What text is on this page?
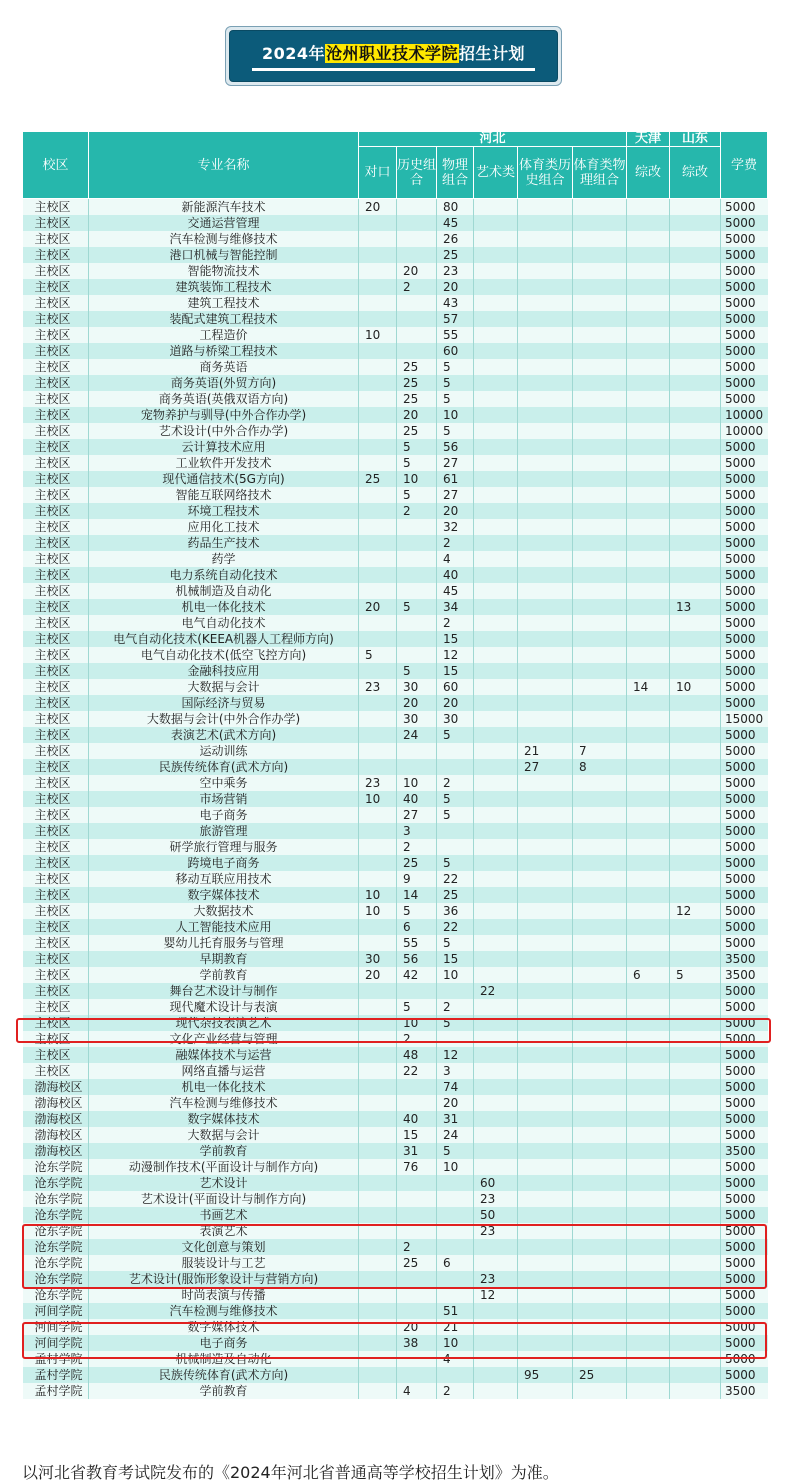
2024年沧州职业技术学院招生计划
校区	专业名称	河北						天津	山东	学费
		对口	历史组合	物理组合	艺术类	体育类历史组合	体育类物理组合	综改	综改	
主校区	新能源汽车技术	20		80						5000
主校区	交通运营管理			45						5000
主校区	汽车检测与维修技术			26						5000
主校区	港口机械与智能控制			25						5000
主校区	智能物流技术		20	23						5000
主校区	建筑装饰工程技术		2	20						5000
主校区	建筑工程技术			43						5000
主校区	装配式建筑工程技术			57						5000
主校区	工程造价	10		55						5000
主校区	道路与桥梁工程技术			60						5000
主校区	商务英语		25	5						5000
主校区	商务英语(外贸方向)		25	5						5000
主校区	商务英语(英俄双语方向)		25	5						5000
主校区	宠物养护与驯导(中外合作办学)		20	10						10000
主校区	艺术设计(中外合作办学)		25	5						10000
主校区	云计算技术应用		5	56						5000
主校区	工业软件开发技术		5	27						5000
主校区	现代通信技术(5G方向)	25	10	61						5000
主校区	智能互联网络技术		5	27						5000
主校区	环境工程技术		2	20						5000
主校区	应用化工技术			32						5000
主校区	药品生产技术			2						5000
主校区	药学			4						5000
主校区	电力系统自动化技术			40						5000
主校区	机械制造及自动化			45						5000
主校区	机电一体化技术	20	5	34					13	5000
主校区	电气自动化技术			2						5000
主校区	电气自动化技术(KEEA机器人工程师方向)			15						5000
主校区	电气自动化技术(低空飞控方向)	5		12						5000
主校区	金融科技应用		5	15						5000
主校区	大数据与会计	23	30	60				14	10	5000
主校区	国际经济与贸易		20	20						5000
主校区	大数据与会计(中外合作办学)		30	30						15000
主校区	表演艺术(武术方向)		24	5						5000
主校区	运动训练					21	7			5000
主校区	民族传统体育(武术方向)					27	8			5000
主校区	空中乘务	23	10	2						5000
主校区	市场营销	10	40	5						5000
主校区	电子商务		27	5						5000
主校区	旅游管理		3							5000
主校区	研学旅行管理与服务		2							5000
主校区	跨境电子商务		25	5						5000
主校区	移动互联应用技术		9	22						5000
主校区	数字媒体技术	10	14	25						5000
主校区	大数据技术	10	5	36					12	5000
主校区	人工智能技术应用		6	22						5000
主校区	婴幼儿托育服务与管理		55	5						5000
主校区	早期教育	30	56	15						3500
主校区	学前教育	20	42	10				6	5	3500
主校区	舞台艺术设计与制作				22					5000
主校区	现代魔术设计与表演		5	2						5000
主校区	现代杂技表演艺术		10	5						5000
主校区	文化产业经营与管理		2							5000
主校区	融媒体技术与运营		48	12						5000
主校区	网络直播与运营		22	3						5000
渤海校区	机电一体化技术			74						5000
渤海校区	汽车检测与维修技术			20						5000
渤海校区	数字媒体技术		40	31						5000
渤海校区	大数据与会计		15	24						5000
渤海校区	学前教育		31	5						3500
沧东学院	动漫制作技术(平面设计与制作方向)		76	10						5000
沧东学院	艺术设计				60					5000
沧东学院	艺术设计(平面设计与制作方向)				23					5000
沧东学院	书画艺术				50					5000
沧东学院	表演艺术				23					5000
沧东学院	文化创意与策划		2							5000
沧东学院	服装设计与工艺		25	6						5000
沧东学院	艺术设计(服饰形象设计与营销方向)				23					5000
沧东学院	时尚表演与传播				12					5000
河间学院	汽车检测与维修技术			51						5000
河间学院	数字媒体技术		20	21						5000
河间学院	电子商务		38	10						5000
孟村学院	机械制造及自动化			4						5000
孟村学院	民族传统体育(武术方向)					95	25			5000
孟村学院	学前教育		4	2						3500
以河北省教育考试院发布的《2024年河北省普通高等学校招生计划》为准。
